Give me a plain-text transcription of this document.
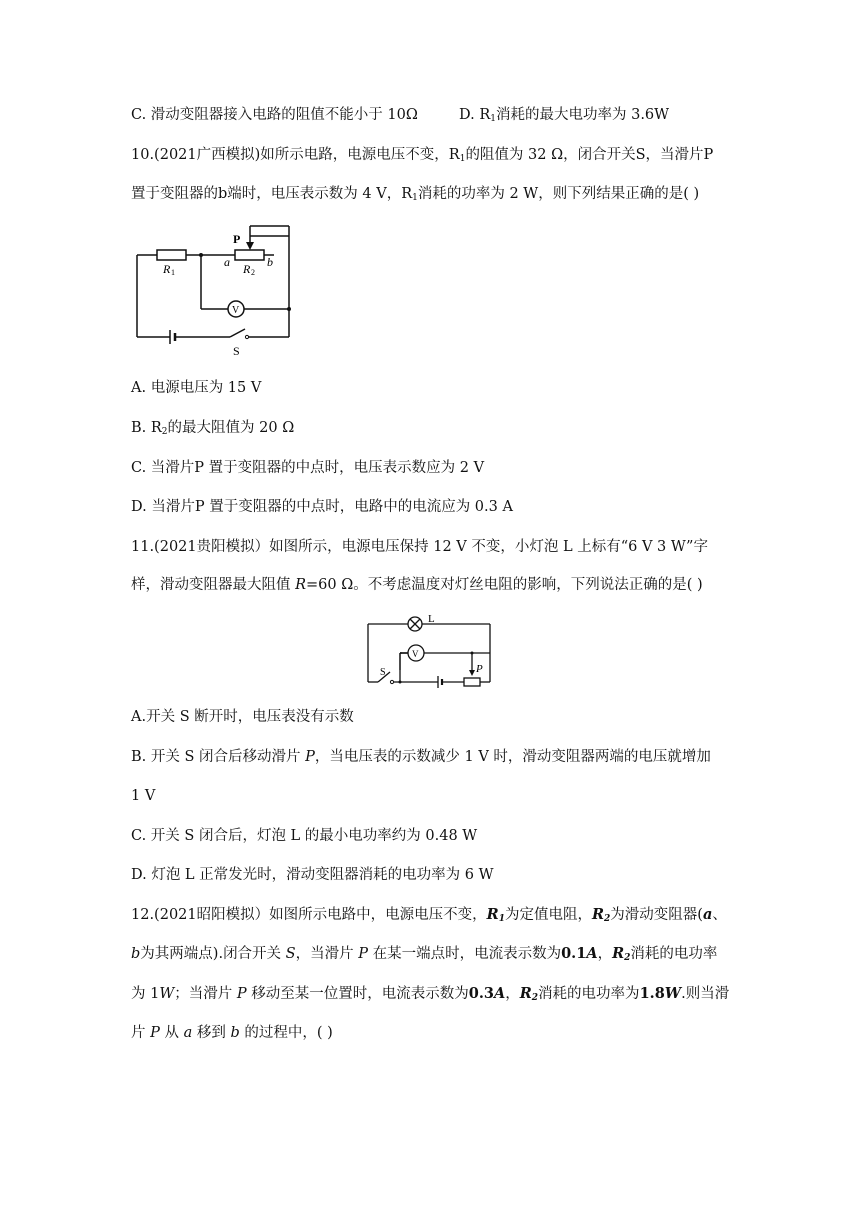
C. 滑动变阻器接入电路的阻值不能小于 10Ω	D. $R_1$消耗的最大电功率为 3.6W
10.(2021广西模拟)如所示电路，电源电压不变，$R_1$的阻值为 32 Ω，闭合开关S，当滑片P
置于变阻器的b端时，电压表示数为 4 V，$R_1$消耗的功率为 2 W，则下列结果正确的是( )
P
R 1
a R 2
b
V
S
A. 电源电压为 15 V
B. $R_2$的最大阻值为 20 Ω
C. 当滑片P 置于变阻器的中点时，电压表示数应为 2 V
D. 当滑片P 置于变阻器的中点时，电路中的电流应为 0.3 A
11.(2021贵阳模拟）如图所示，电源电压保持 12 V 不变，小灯泡 L 上标有“6 V 3 W”字
样，滑动变阻器最大阻值 R=60 Ω。不考虑温度对灯丝电阻的影响，下列说法正确的是( )
L
V
S	P
A.开关 S 断开时，电压表没有示数
B. 开关 S 闭合后移动滑片 P，当电压表的示数减少 1 V 时，滑动变阻器两端的电压就增加
1 V
C. 开关 S 闭合后，灯泡 L 的最小电功率约为 0.48 W
D. 灯泡 L 正常发光时，滑动变阻器消耗的电功率为 6 W
12.(2021昭阳模拟）如图所示电路中，电源电压不变，$R_1$为定值电阻，$R_2$为滑动变阻器(a、
b为其两端点).闭合开关 S，当滑片 P 在某一端点时，电流表示数为0.1A，$R_2$消耗的电功率
为 1W；当滑片 P 移动至某一位置时，电流表示数为0.3A，$R_2$消耗的电功率为1.8W.则当滑
片 P 从 a 移到 b 的过程中，( )
